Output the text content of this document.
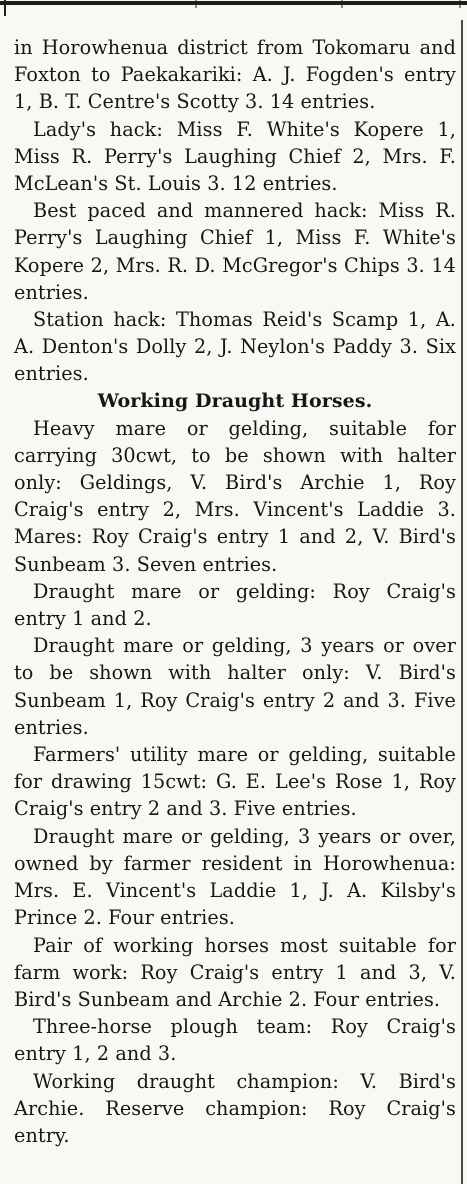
in Horowhenua district from Tokomaru and Foxton to Paekakariki: A. J. Fogden's entry 1, B. T. Centre's Scotty 3. 14 entries.

Lady's hack: Miss F. White's Kopere 1, Miss R. Perry's Laughing Chief 2, Mrs. F. McLean's St. Louis 3. 12 entries.

Best paced and mannered hack: Miss R. Perry's Laughing Chief 1, Miss F. White's Kopere 2, Mrs. R. D. McGregor's Chips 3. 14 entries.

Station hack: Thomas Reid's Scamp 1, A. A. Denton's Dolly 2, J. Neylon's Paddy 3. Six entries.

Working Draught Horses.

Heavy mare or gelding, suitable for carrying 30cwt, to be shown with halter only: Geldings, V. Bird's Archie 1, Roy Craig's entry 2, Mrs. Vincent's Laddie 3. Mares: Roy Craig's entry 1 and 2, V. Bird's Sunbeam 3. Seven entries.

Draught mare or gelding: Roy Craig's entry 1 and 2.

Draught mare or gelding, 3 years or over to be shown with halter only: V. Bird's Sunbeam 1, Roy Craig's entry 2 and 3. Five entries.

Farmers' utility mare or gelding, suitable for drawing 15cwt: G. E. Lee's Rose 1, Roy Craig's entry 2 and 3. Five entries.

Draught mare or gelding, 3 years or over, owned by farmer resident in Horowhenua: Mrs. E. Vincent's Laddie 1, J. A. Kilsby's Prince 2. Four entries.

Pair of working horses most suitable for farm work: Roy Craig's entry 1 and 3, V. Bird's Sunbeam and Archie 2. Four entries.

Three-horse plough team: Roy Craig's entry 1, 2 and 3.

Working draught champion: V. Bird's Archie. Reserve champion: Roy Craig's entry.
